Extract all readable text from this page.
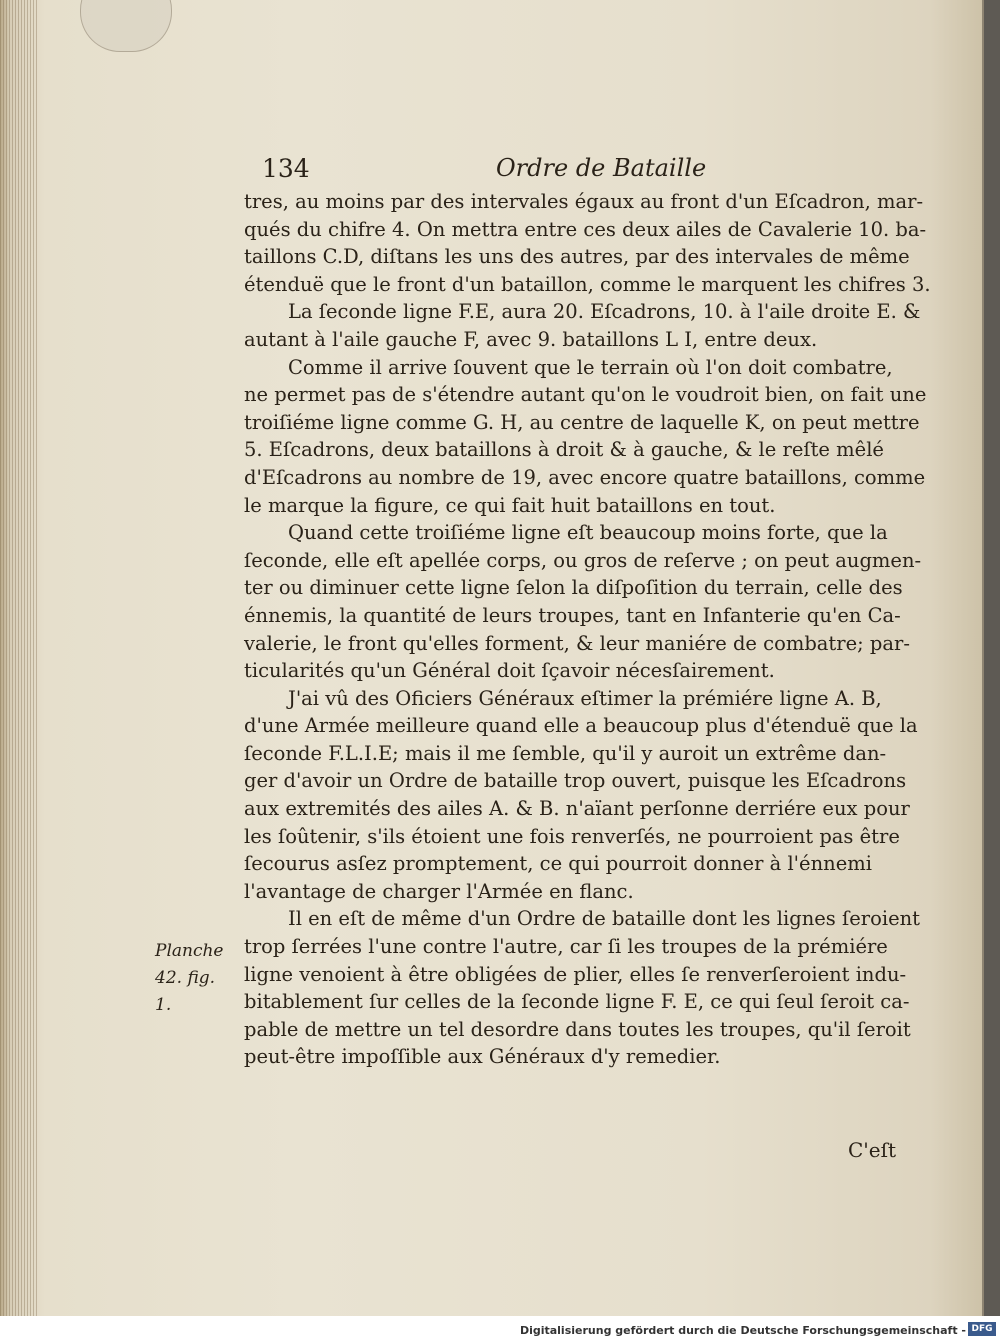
134	Ordre de Bataille
tres, au moins par des intervales égaux au front d'un Eſcadron, mar-
qués du chifre 4. On mettra entre ces deux ailes de Cavalerie 10. ba-
taillons C.D, diſtans les uns des autres, par des intervales de même
étenduë que le front d'un bataillon, comme le marquent les chifres 3.
La ſeconde ligne F.E, aura 20. Eſcadrons, 10. à l'aile droite E. &
autant à l'aile gauche F, avec 9. bataillons L I, entre deux.
Comme il arrive ſouvent que le terrain où l'on doit combatre,
ne permet pas de s'étendre autant qu'on le voudroit bien, on fait une
troiſiéme ligne comme G. H, au centre de laquelle K, on peut mettre
5. Eſcadrons, deux bataillons à droit & à gauche, & le reſte mêlé
d'Eſcadrons au nombre de 19, avec encore quatre bataillons, comme
le marque la figure, ce qui fait huit bataillons en tout.
Quand cette troiſiéme ligne eſt beaucoup moins forte, que la
ſeconde, elle eſt apellée corps, ou gros de reſerve ; on peut augmen-
ter ou diminuer cette ligne ſelon la diſpoſition du terrain, celle des
énnemis, la quantité de leurs troupes, tant en Infanterie qu'en Ca-
valerie, le front qu'elles forment, & leur maniére de combatre; par-
ticularités qu'un Général doit ſçavoir nécesſairement.
J'ai vû des Oficiers Généraux eſtimer la prémiére ligne A. B,
d'une Armée meilleure quand elle a beaucoup plus d'étenduë que la
ſeconde F.L.I.E; mais il me ſemble, qu'il y auroit un extrême dan-
ger d'avoir un Ordre de bataille trop ouvert, puisque les Eſcadrons
aux extremités des ailes A. & B. n'aïant perſonne derriére eux pour
les ſoûtenir, s'ils étoient une fois renverſés, ne pourroient pas être
ſecourus asſez promptement, ce qui pourroit donner à l'énnemi
l'avantage de charger l'Armée en flanc.
Il en eſt de même d'un Ordre de bataille dont les lignes ſeroient
trop ſerrées l'une contre l'autre, car ſi les troupes de la prémiére
ligne venoient à être obligées de plier, elles ſe renverſeroient indu-
bitablement ſur celles de la ſeconde ligne F. E, ce qui ſeul ſeroit ca-
pable de mettre un tel desordre dans toutes les troupes, qu'il ſeroit
peut-être impoſſible aux Généraux d'y remedier.
Planche
42. fig. 1.
C'eſt
Digitalisierung gefördert durch die Deutsche Forschungsgemeinschaft - DFG
